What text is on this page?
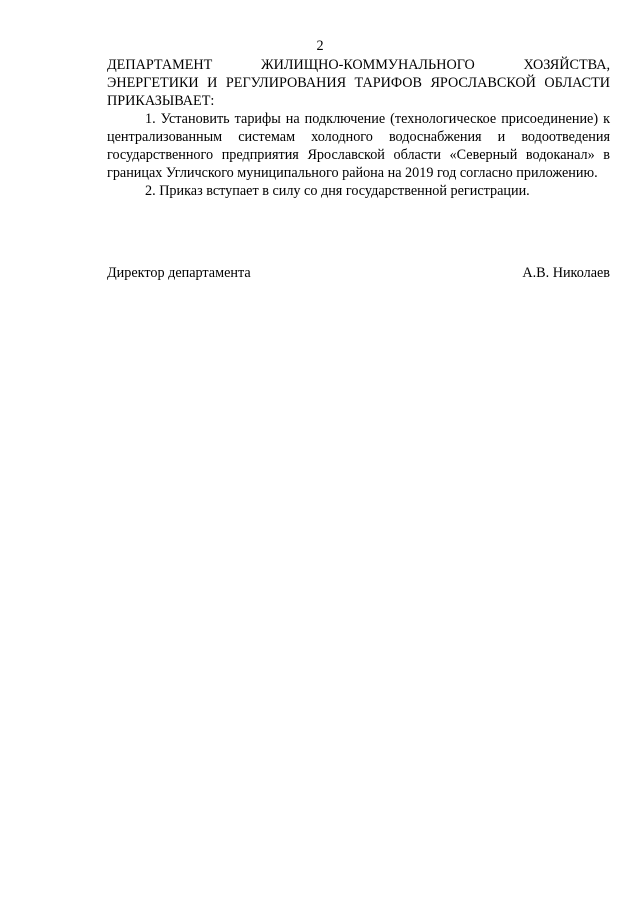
2

ДЕПАРТАМЕНТ ЖИЛИЩНО-КОММУНАЛЬНОГО ХОЗЯЙСТВА, ЭНЕРГЕТИКИ И РЕГУЛИРОВАНИЯ ТАРИФОВ ЯРОСЛАВСКОЙ ОБЛАСТИ ПРИКАЗЫВАЕТ:

1. Установить тарифы на подключение (технологическое присоединение) к централизованным системам холодного водоснабжения и водоотведения государственного предприятия Ярославской области «Северный водоканал» в границах Угличского муниципального района на 2019 год согласно приложению.

2. Приказ вступает в силу со дня государственной регистрации.

Директор департамента	А.В. Николаев
